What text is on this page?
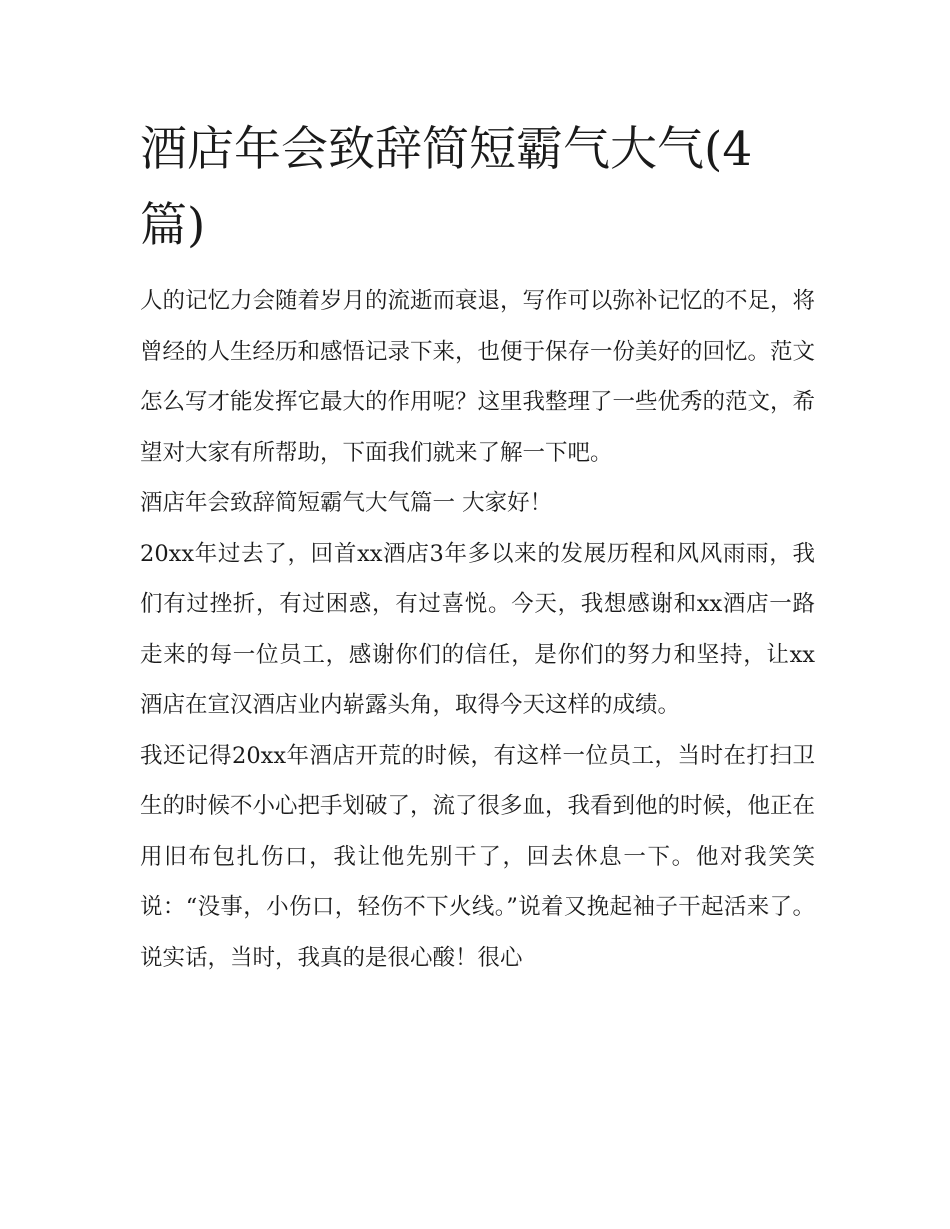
酒店年会致辞简短霸气大气(4篇)

人的记忆力会随着岁月的流逝而衰退，写作可以弥补记忆的不足，将曾经的人生经历和感悟记录下来，也便于保存一份美好的回忆。范文怎么写才能发挥它最大的作用呢？这里我整理了一些优秀的范文，希望对大家有所帮助，下面我们就来了解一下吧。

酒店年会致辞简短霸气大气篇一 大家好！

20xx年过去了，回首xx酒店3年多以来的发展历程和风风雨雨，我们有过挫折，有过困惑，有过喜悦。今天，我想感谢和xx酒店一路走来的每一位员工，感谢你们的信任，是你们的努力和坚持，让xx酒店在宣汉酒店业内崭露头角，取得今天这样的成绩。

我还记得20xx年酒店开荒的时候，有这样一位员工，当时在打扫卫生的时候不小心把手划破了，流了很多血，我看到他的时候，他正在用旧布包扎伤口，我让他先别干了，回去休息一下。他对我笑笑说：“没事，小伤口，轻伤不下火线。”说着又挽起袖子干起活来了。说实话，当时，我真的是很心酸！很心
